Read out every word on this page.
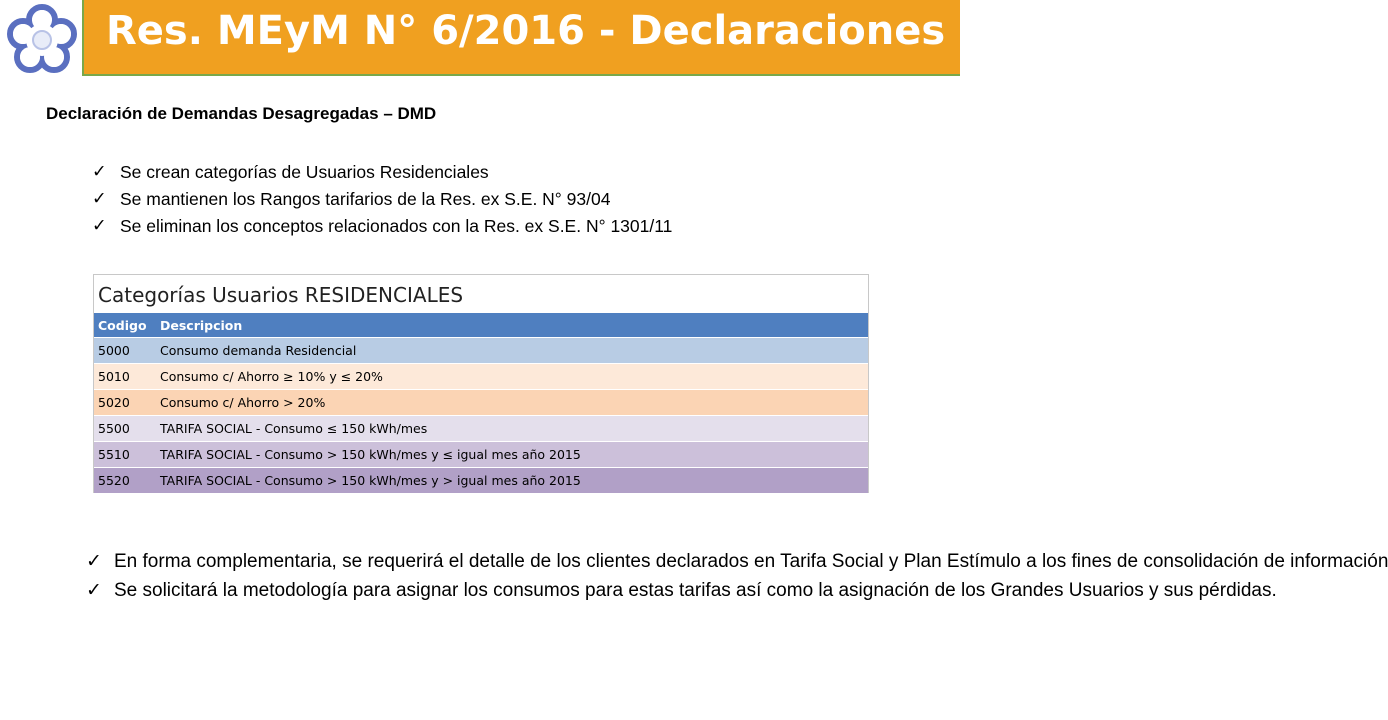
Res. MEyM N° 6/2016 - Declaraciones
Declaración de Demandas Desagregadas – DMD
✓ Se crean categorías de Usuarios Residenciales
✓ Se mantienen los Rangos tarifarios de la Res. ex S.E. N° 93/04
✓ Se eliminan los conceptos relacionados con la Res. ex S.E. N° 1301/11
Categorías Usuarios RESIDENCIALES
Codigo	Descripcion
5000	Consumo demanda Residencial
5010	Consumo c/ Ahorro ≥ 10% y ≤ 20%
5020	Consumo c/ Ahorro > 20%
5500	TARIFA SOCIAL - Consumo ≤ 150 kWh/mes
5510	TARIFA SOCIAL - Consumo > 150 kWh/mes y ≤ igual mes año 2015
5520	TARIFA SOCIAL - Consumo > 150 kWh/mes y > igual mes año 2015
✓ En forma complementaria, se requerirá el detalle de los clientes declarados en Tarifa Social y Plan Estímulo a los fines de consolidación de información
✓ Se solicitará la metodología para asignar los consumos para estas tarifas así como la asignación de los Grandes Usuarios y sus pérdidas.
